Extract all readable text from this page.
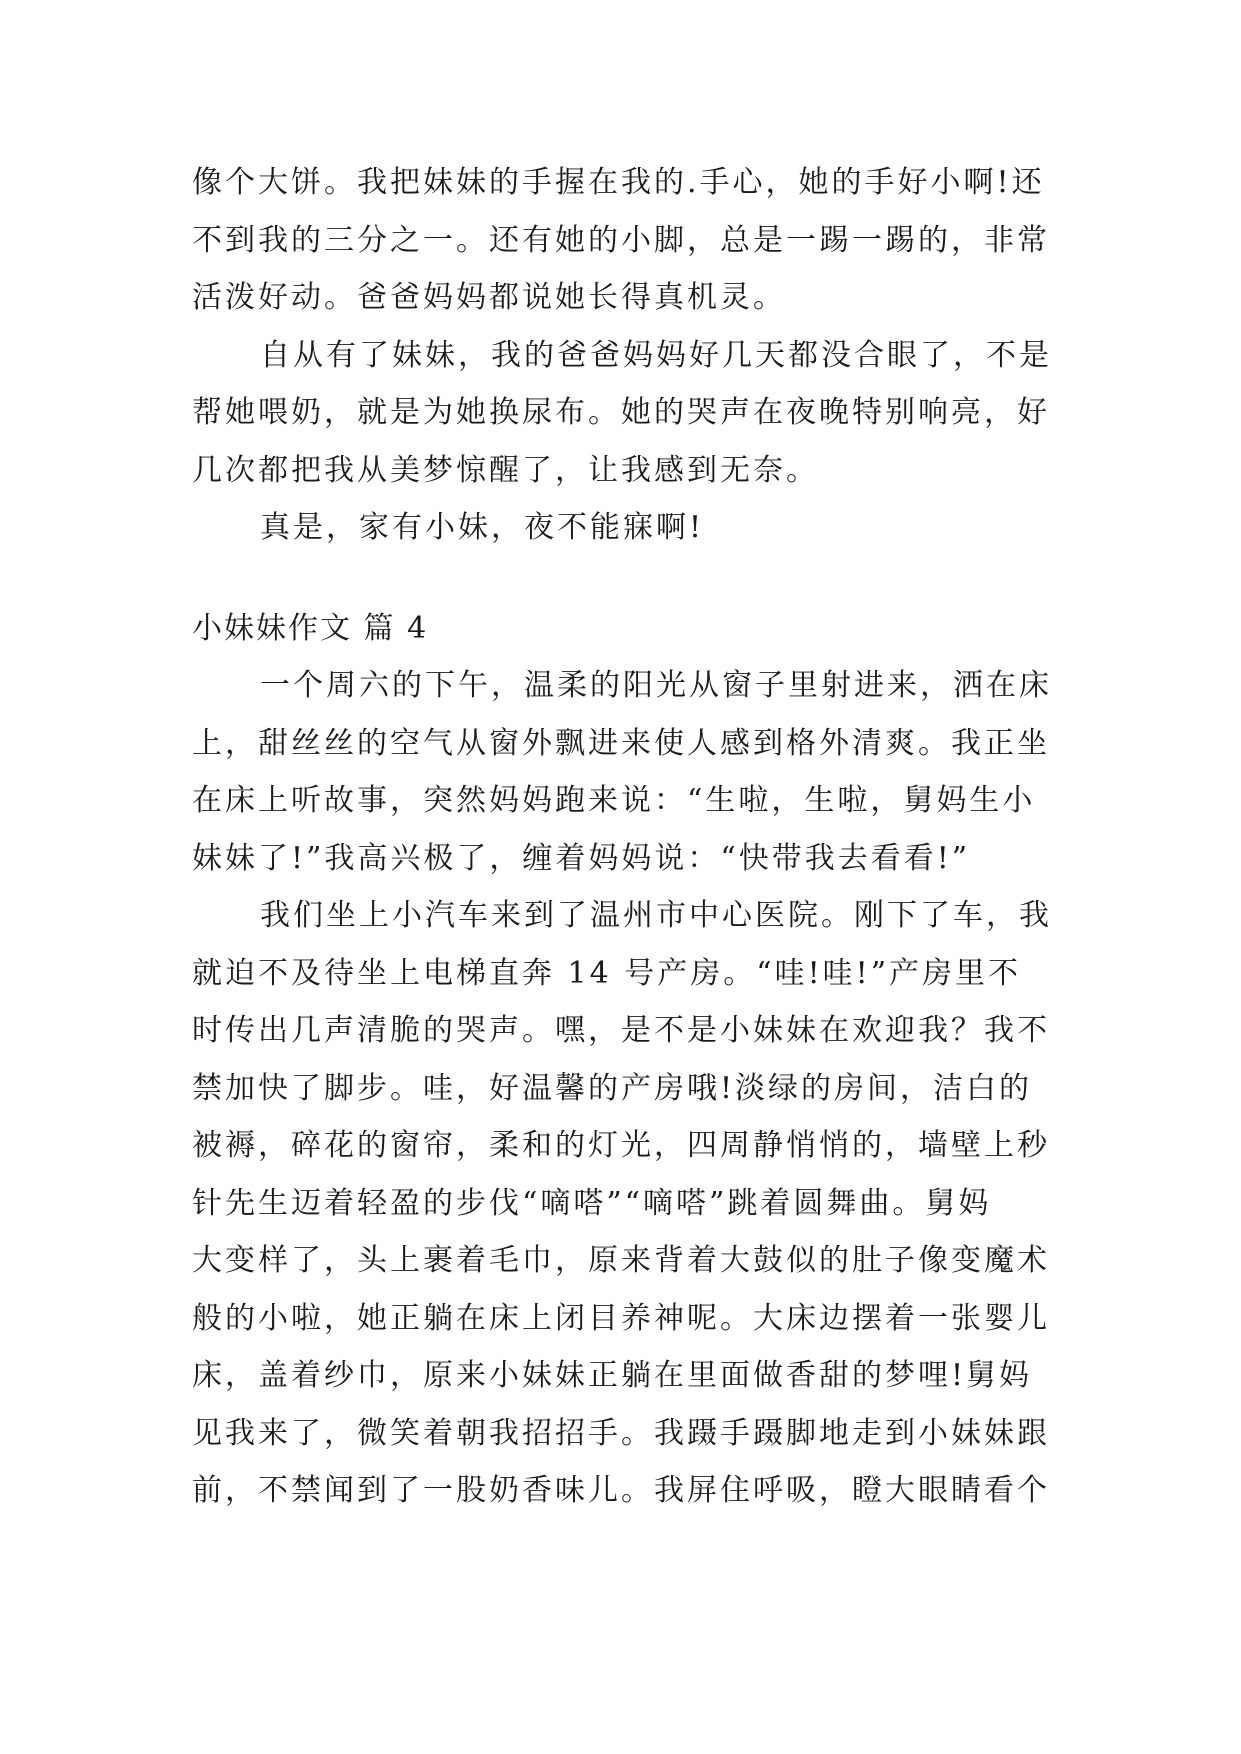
像个大饼。我把妹妹的手握在我的.手心，她的手好小啊!还
不到我的三分之一。还有她的小脚，总是一踢一踢的，非常
活泼好动。爸爸妈妈都说她长得真机灵。
自从有了妹妹，我的爸爸妈妈好几天都没合眼了，不是
帮她喂奶，就是为她换尿布。她的哭声在夜晚特别响亮，好
几次都把我从美梦惊醒了，让我感到无奈。
真是，家有小妹，夜不能寐啊!
小妹妹作文 篇 4
一个周六的下午，温柔的阳光从窗子里射进来，洒在床
上，甜丝丝的空气从窗外飘进来使人感到格外清爽。我正坐
在床上听故事，突然妈妈跑来说：“生啦，生啦，舅妈生小
妹妹了!”我高兴极了，缠着妈妈说：“快带我去看看!”
我们坐上小汽车来到了温州市中心医院。刚下了车，我
就迫不及待坐上电梯直奔 14 号产房。“哇!哇!”产房里不
时传出几声清脆的哭声。嘿，是不是小妹妹在欢迎我？我不
禁加快了脚步。哇，好温馨的产房哦!淡绿的房间，洁白的
被褥，碎花的窗帘，柔和的灯光，四周静悄悄的，墙壁上秒
针先生迈着轻盈的步伐“嘀嗒”“嘀嗒”跳着圆舞曲。舅妈
大变样了，头上裹着毛巾，原来背着大鼓似的肚子像变魔术
般的小啦，她正躺在床上闭目养神呢。大床边摆着一张婴儿
床，盖着纱巾，原来小妹妹正躺在里面做香甜的梦哩!舅妈
见我来了，微笑着朝我招招手。我蹑手蹑脚地走到小妹妹跟
前，不禁闻到了一股奶香味儿。我屏住呼吸，瞪大眼睛看个
